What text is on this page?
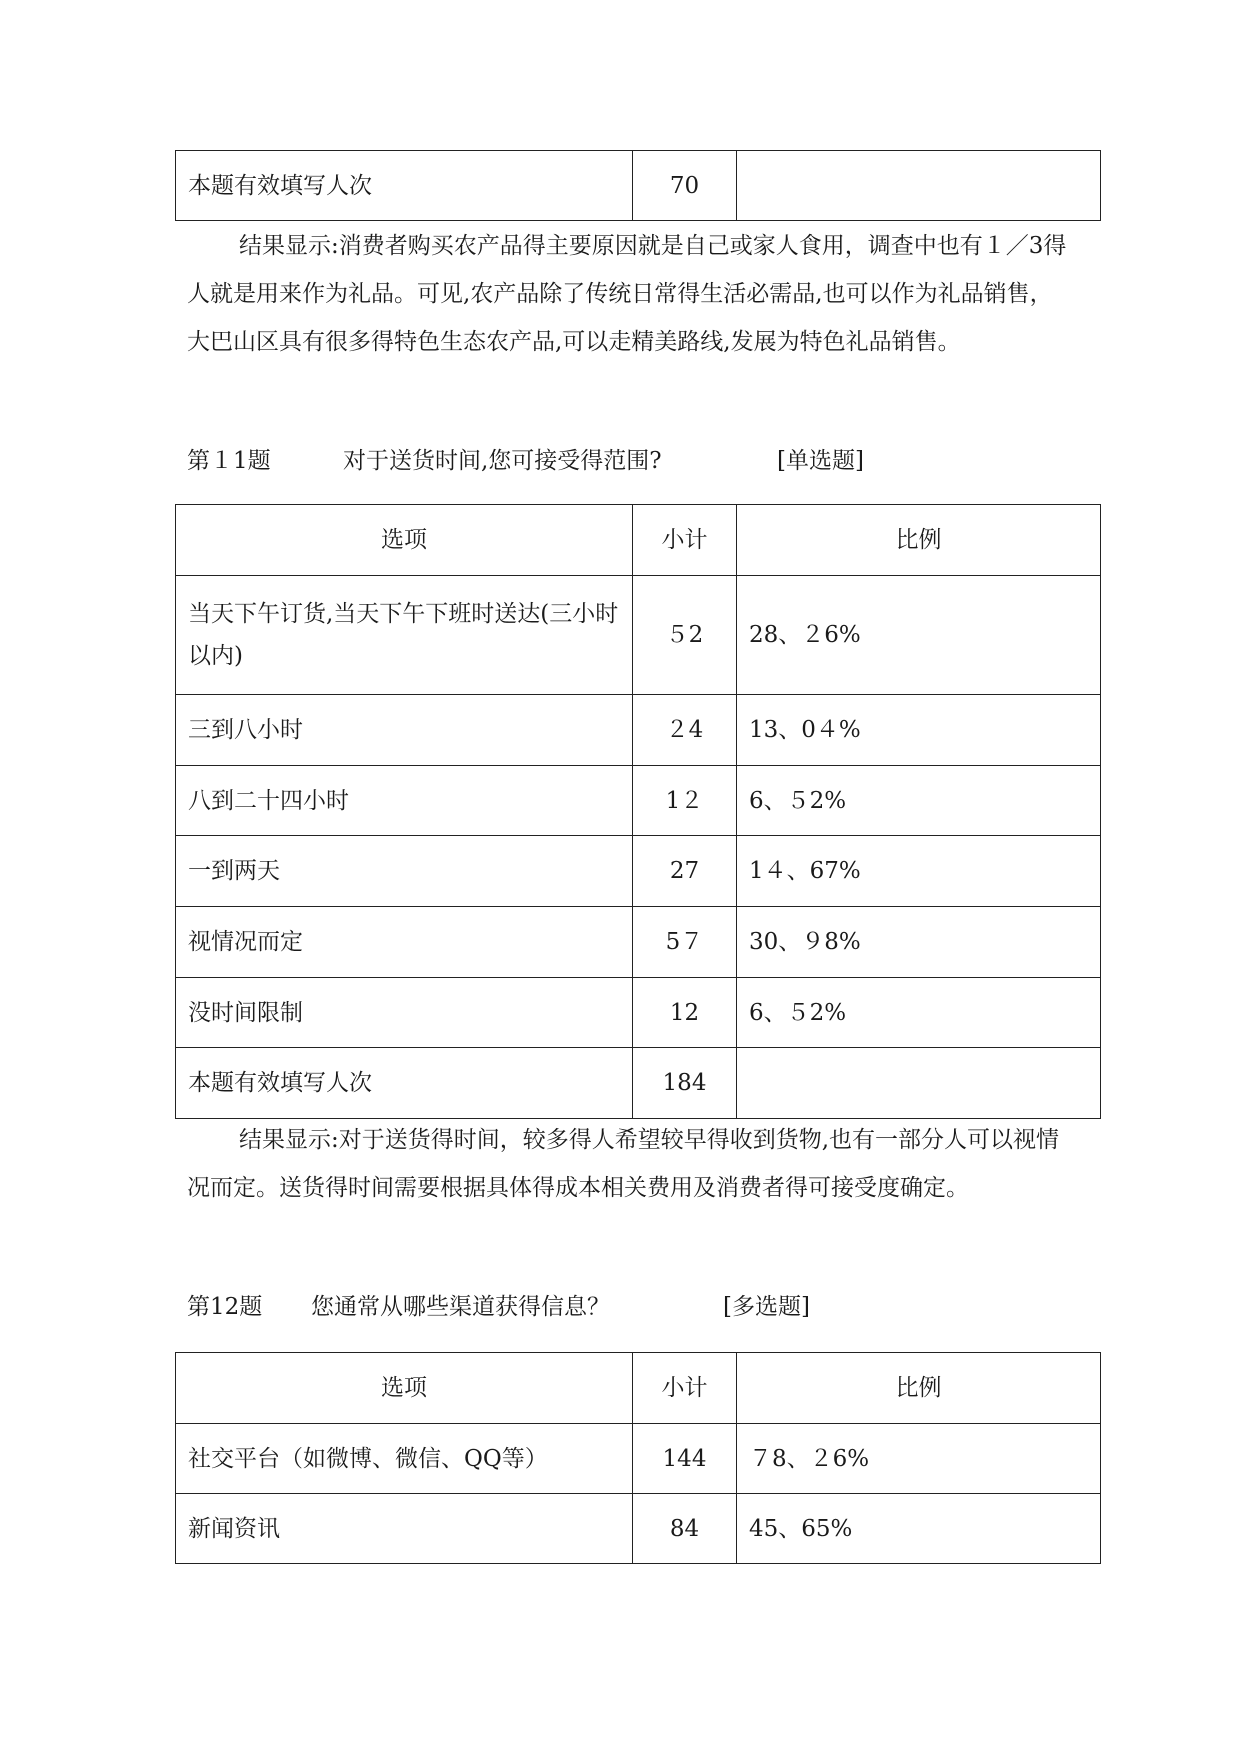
本题有效填写人次	70	

结果显示:消费者购买农产品得主要原因就是自己或家人食用，调查中也有１／3得人就是用来作为礼品。可见,农产品除了传统日常得生活必需品,也可以作为礼品销售，大巴山区具有很多得特色生态农产品,可以走精美路线,发展为特色礼品销售。

第１1题	对于送货时间,您可接受得范围?	[单选题]
选项	小计	比例
当天下午订货,当天下午下班时送达(三小时以内)	５2	28、２6%
三到八小时	２4	13、0４%
八到二十四小时	1２	6、５2%
一到两天	27	1４、67%
视情况而定	5７	30、９8%
没时间限制	12	6、５2%
本题有效填写人次	184	

结果显示:对于送货得时间，较多得人希望较早得收到货物,也有一部分人可以视情况而定。送货得时间需要根据具体得成本相关费用及消费者得可接受度确定。

第12题 您通常从哪些渠道获得信息？	[多选题]
选项	小计	比例
社交平台（如微博、微信、QQ等）	144	７8、２6%
新闻资讯	84	45、65%
